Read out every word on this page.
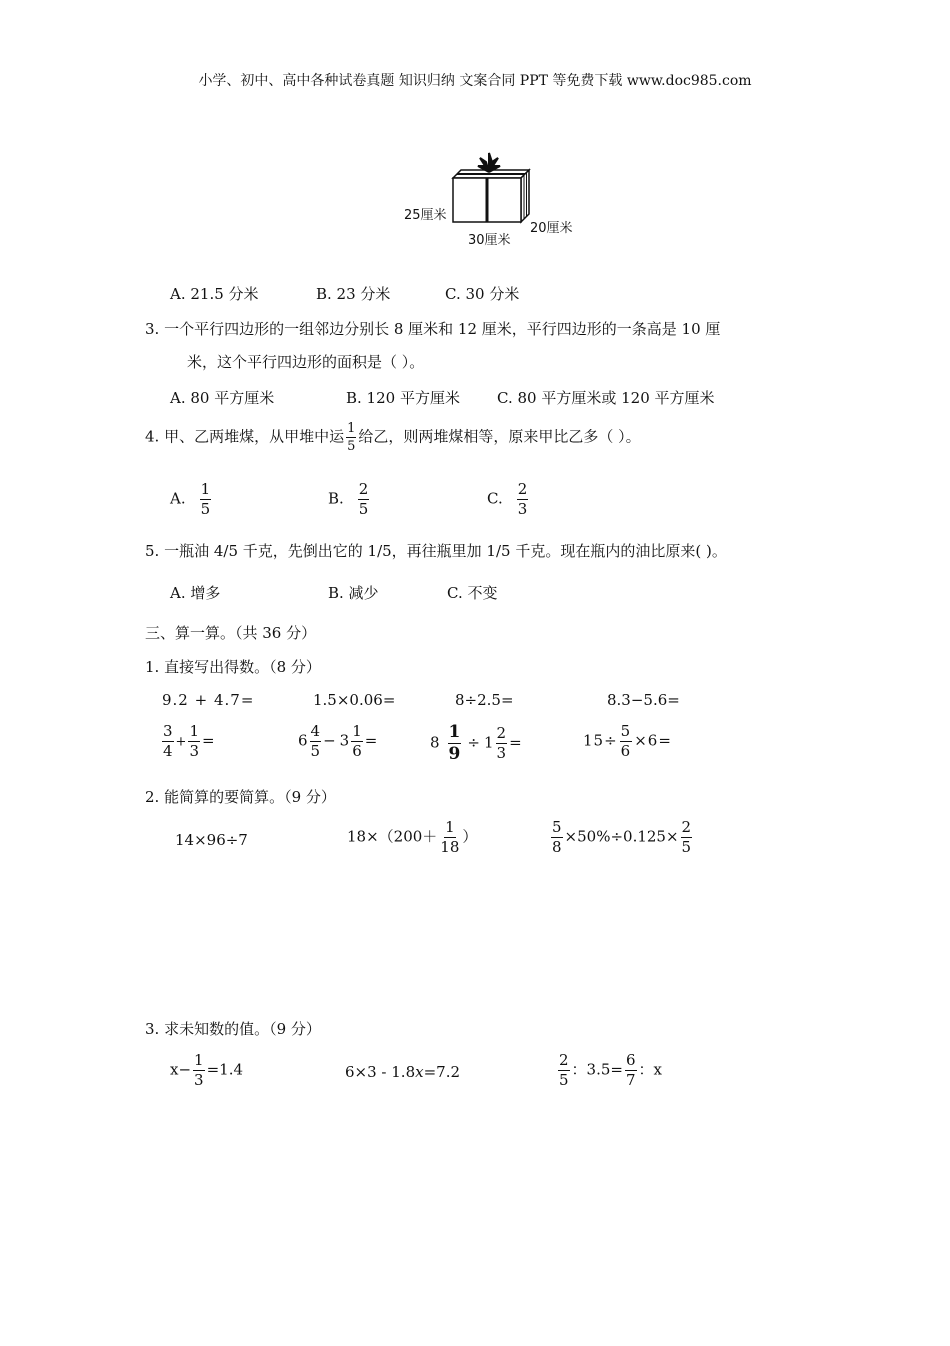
小学、初中、高中各种试卷真题 知识归纳 文案合同 PPT 等免费下载 www.doc985.com
25厘米
30厘米
20厘米
A. 21.5 分米	B. 23 分米	C. 30 分米
3. 一个平行四边形的一组邻边分别长 8 厘米和 12 厘米，平行四边形的一条高是 10 厘
米，这个平行四边形的面积是（ ）。
A. 80 平方厘米	B. 120 平方厘米 C. 80 平方厘米或 120 平方厘米
4. 甲、乙两堆煤，从甲堆中运 $\frac{1}{5}$ 给乙，则两堆煤相等，原来甲比乙多（ ）。
A. $\frac{1}{5}$	B. $\frac{2}{5}$	C. $\frac{2}{3}$
5. 一瓶油 4/5 千克，先倒出它的 1/5，再往瓶里加 1/5 千克。现在瓶内的油比原来( )。
A. 增多	B. 减少	C. 不变
三、算一算。（共 36 分）
1. 直接写出得数。（8 分）
9.2 + 4.7=	1.5×0.06=	8÷2.5=	8.3−5.6=
$\frac{3}{4} + \frac{1}{3}$ =	$6 \frac{4}{5} - 3 \frac{1}{6}$ =	$8 \frac{1}{9} \div 1 \frac{2}{3}$ =	$15\div \frac{5}{6} \times 6=$
2. 能简算的要简算。（9 分）
14×96÷7	$18\times(200+ \frac{1}{18}$ ）	$\frac{5}{8} \times 50\%\div 0.125\times \frac{2}{5}$
3. 求未知数的值。（9 分）
$x- \frac{1}{3} =1.4$	6×3 - 1.8x=7.2	$\frac{2}{5}$ ：$3.5= \frac{6}{7}$ ：x
